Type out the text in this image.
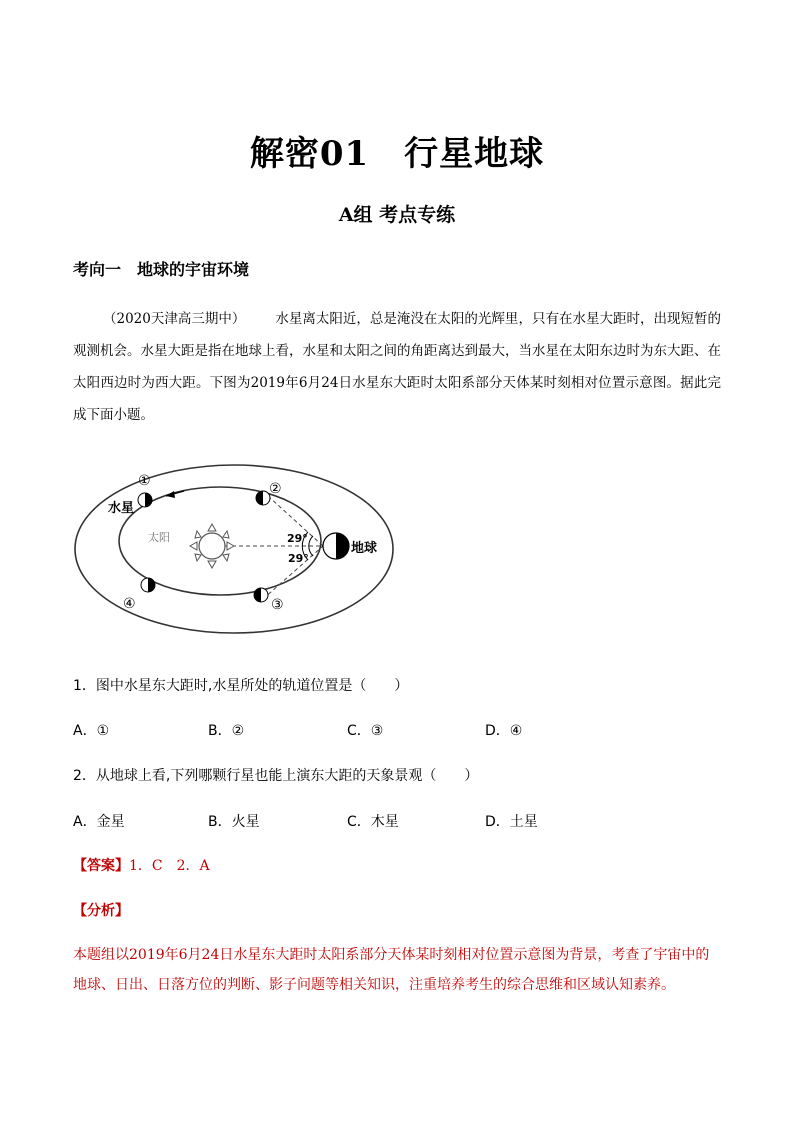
解密01　行星地球
A组 考点专练
考向一　地球的宇宙环境
（2020天津高三期中） 水星离太阳近，总是淹没在太阳的光辉里，只有在水星大距时，出现短暂的观测机会。水星大距是指在地球上看，水星和太阳之间的角距离达到最大，当水星在太阳东边时为东大距、在太阳西边时为西大距。下图为2019年6月24日水星东大距时太阳系部分天体某时刻相对位置示意图。据此完成下面小题。
太阳
①	②
③
④
水星
地球
29°
29°
1．图中水星东大距时,水星所处的轨道位置是（　　）
A．①	B．②	C．③	D．④
2．从地球上看,下列哪颗行星也能上演东大距的天象景观（　　）
A．金星	B．火星	C．木星	D．土星
【答案】1．C　2．A
【分析】
本题组以2019年6月24日水星东大距时太阳系部分天体某时刻相对位置示意图为背景，考查了宇宙中的地球、日出、日落方位的判断、影子问题等相关知识，注重培养考生的综合思维和区域认知素养。
